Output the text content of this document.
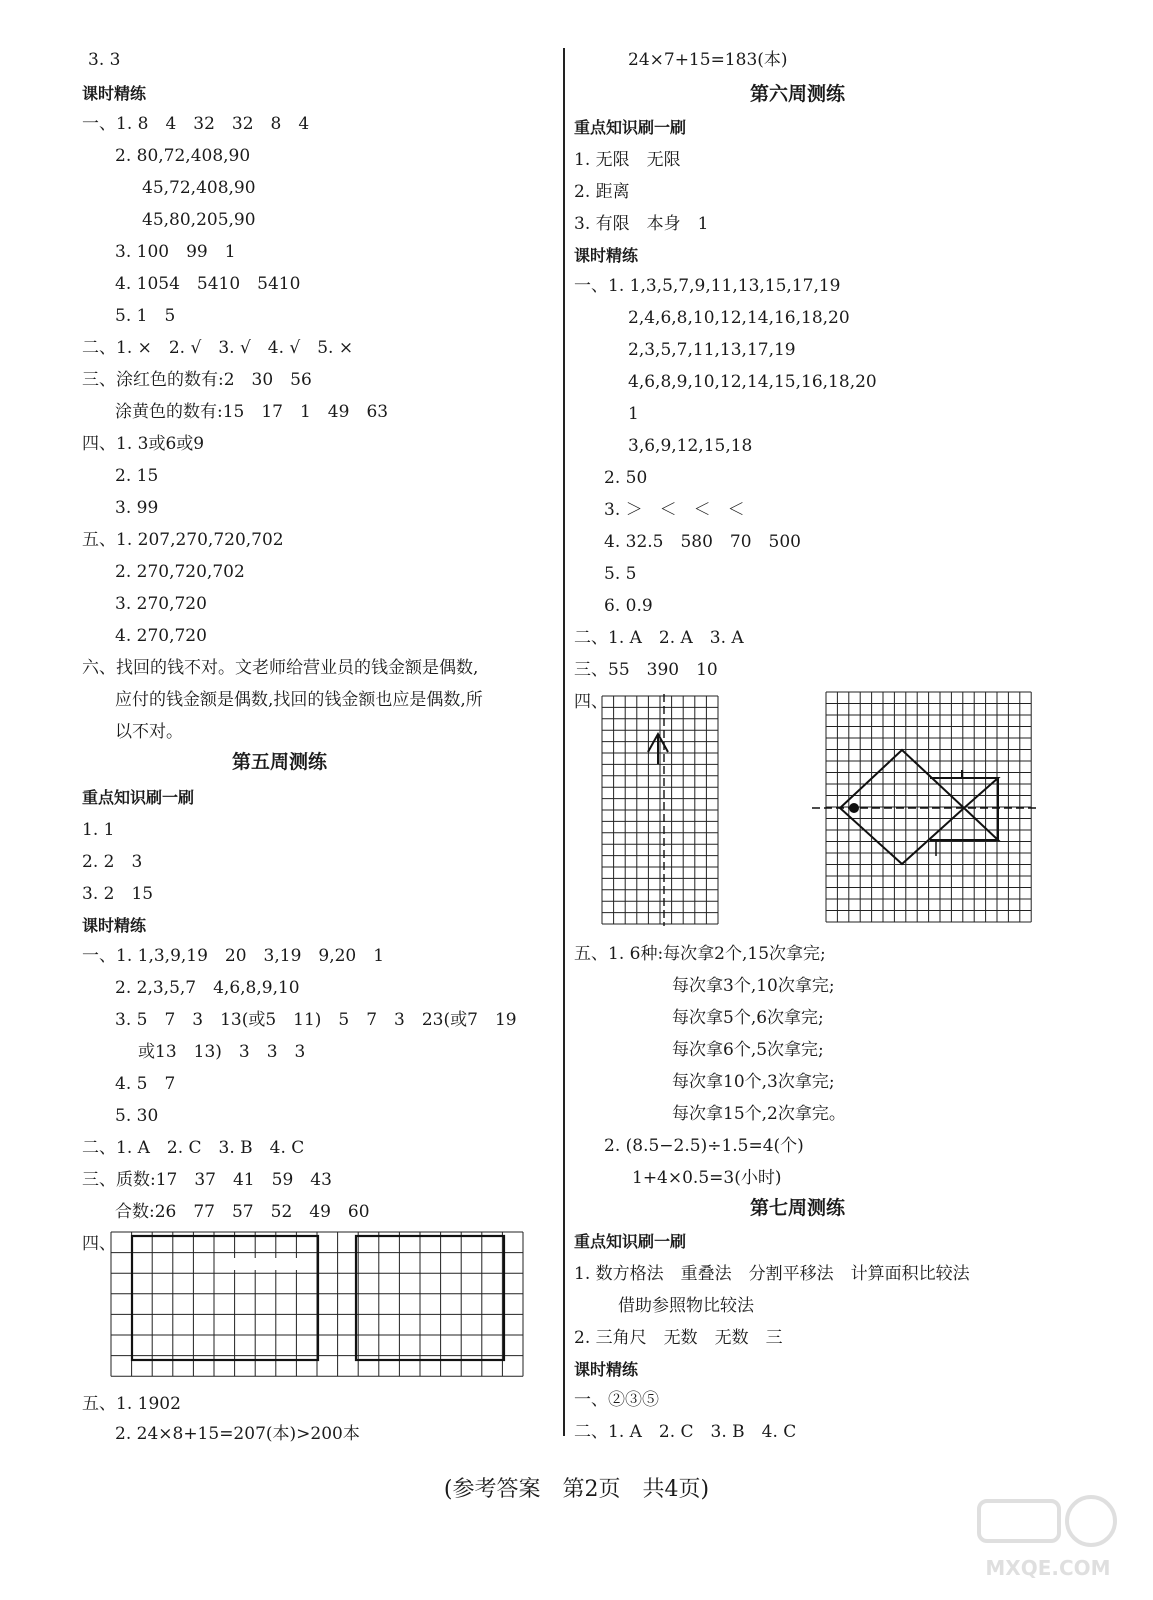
3. 3
课时精练
一、1. 8　4　32　32　8　4
2. 80,72,408,90
45,72,408,90
45,80,205,90
3. 100　99　1
4. 1054　5410　5410
5. 1　5
二、1. ×　2. √　3. √　4. √　5. ×
三、涂红色的数有:2　30　56
涂黄色的数有:15　17　1　49　63
四、1. 3或6或9
2. 15
3. 99
五、1. 207,270,720,702
2. 270,720,702
3. 270,720
4. 270,720
六、找回的钱不对。文老师给营业员的钱金额是偶数,
应付的钱金额是偶数,找回的钱金额也应是偶数,所
以不对。
第五周测练
重点知识刷一刷
1. 1
2. 2　3
3. 2　15
课时精练
一、1. 1,3,9,19　20　3,19　9,20　1
2. 2,3,5,7　4,6,8,9,10
3. 5　7　3　13(或5　11)　5　7　3　23(或7　19
或13　13)　3　3　3
4. 5　7
5. 30
二、1. A　2. C　3. B　4. C
三、质数:17　37　41　59　43
合数:26　77　57　52　49　60
四、
五、1. 1902
2. 24×8+15=207(本)>200本
24×7+15=183(本)
第六周测练
重点知识刷一刷
1. 无限　无限
2. 距离
3. 有限　本身　1
课时精练
一、1. 1,3,5,7,9,11,13,15,17,19
2,4,6,8,10,12,14,16,18,20
2,3,5,7,11,13,17,19
4,6,8,9,10,12,14,15,16,18,20
1
3,6,9,12,15,18
2. 50
3. ＞　＜　＜　＜
4. 32.5　580　70　500
5. 5
6. 0.9
二、1. A　2. A　3. A
三、55　390　10
四、
五、1. 6种:每次拿2个,15次拿完;
每次拿3个,10次拿完;
每次拿5个,6次拿完;
每次拿6个,5次拿完;
每次拿10个,3次拿完;
每次拿15个,2次拿完。
2. (8.5−2.5)÷1.5=4(个)
1+4×0.5=3(小时)
第七周测练
重点知识刷一刷
1. 数方格法　重叠法　分割平移法　计算面积比较法
借助参照物比较法
2. 三角尺　无数　无数　三
课时精练
一、②③⑤
二、1. A　2. C　3. B　4. C
(参考答案　第2页　共4页)
MXQE.COM
